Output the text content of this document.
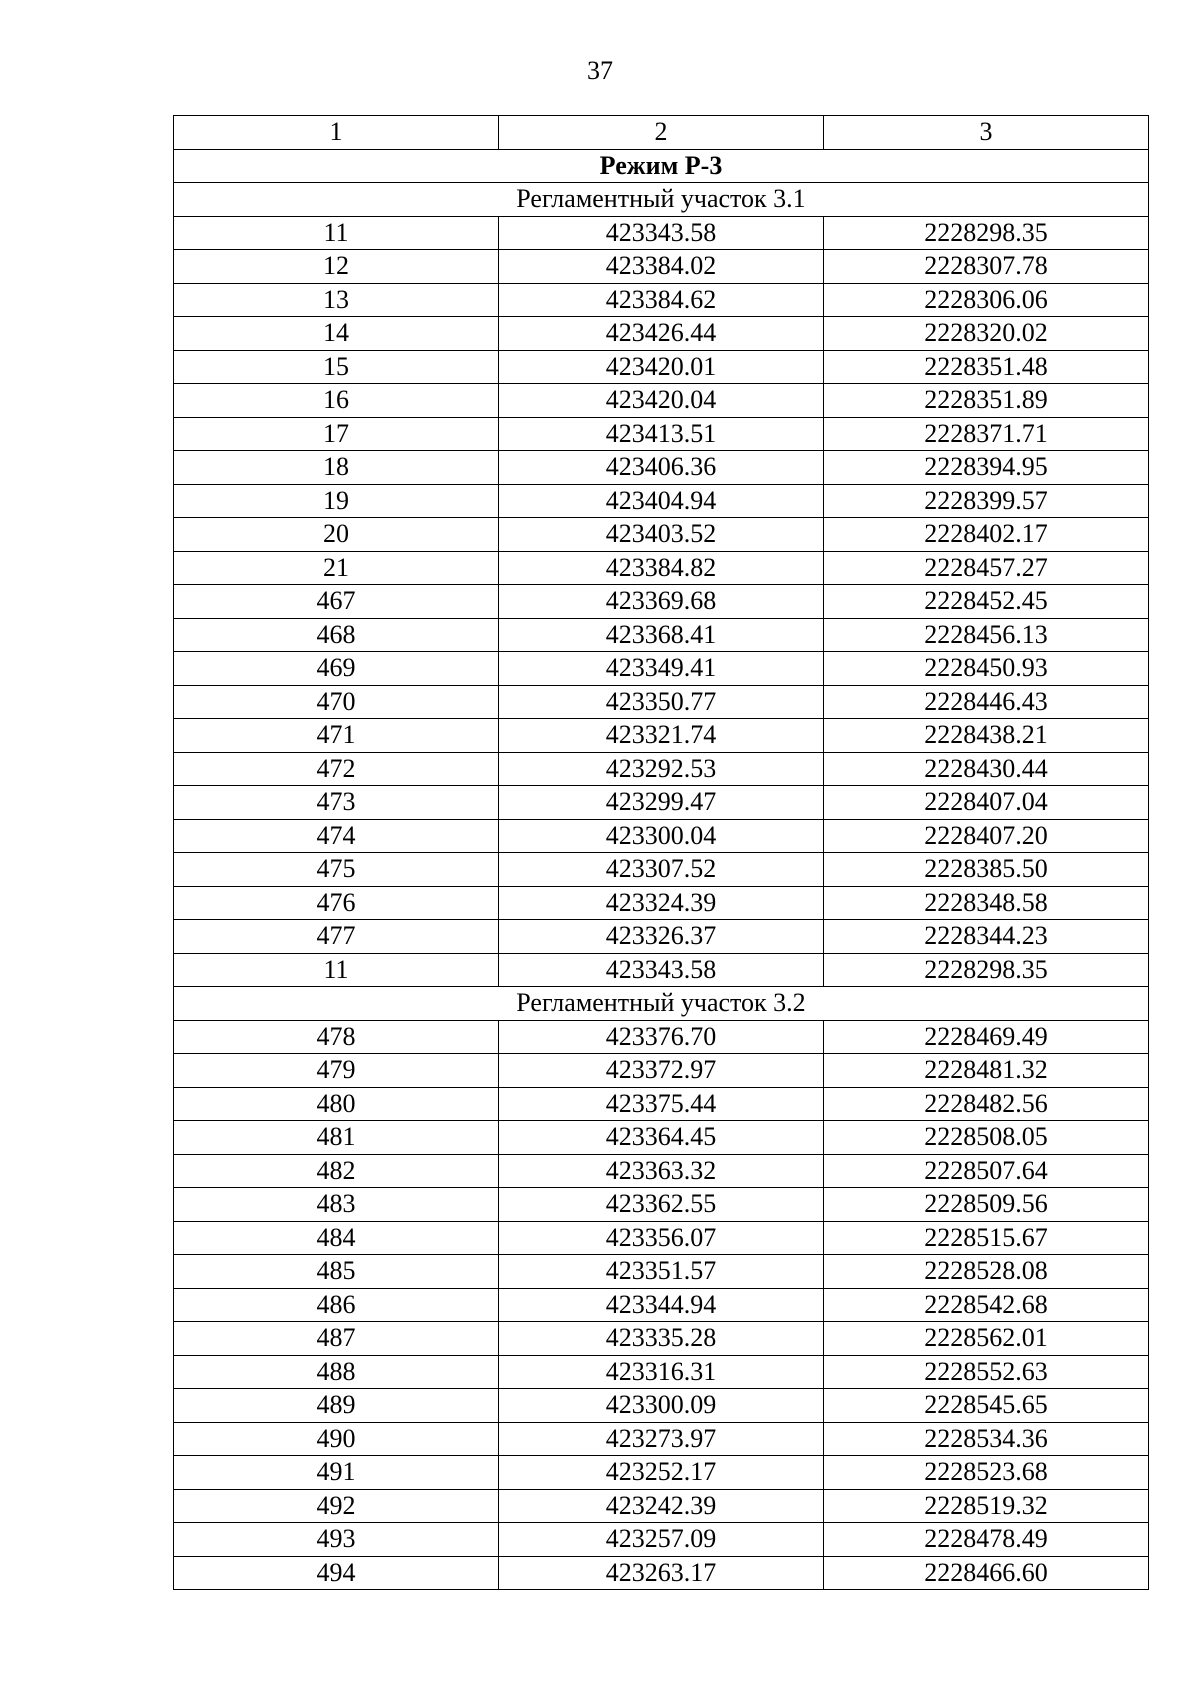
37
1	2	3
Режим Р-3		
Регламентный участок 3.1		
11	423343.58	2228298.35
12	423384.02	2228307.78
13	423384.62	2228306.06
14	423426.44	2228320.02
15	423420.01	2228351.48
16	423420.04	2228351.89
17	423413.51	2228371.71
18	423406.36	2228394.95
19	423404.94	2228399.57
20	423403.52	2228402.17
21	423384.82	2228457.27
467	423369.68	2228452.45
468	423368.41	2228456.13
469	423349.41	2228450.93
470	423350.77	2228446.43
471	423321.74	2228438.21
472	423292.53	2228430.44
473	423299.47	2228407.04
474	423300.04	2228407.20
475	423307.52	2228385.50
476	423324.39	2228348.58
477	423326.37	2228344.23
11	423343.58	2228298.35
Регламентный участок 3.2		
478	423376.70	2228469.49
479	423372.97	2228481.32
480	423375.44	2228482.56
481	423364.45	2228508.05
482	423363.32	2228507.64
483	423362.55	2228509.56
484	423356.07	2228515.67
485	423351.57	2228528.08
486	423344.94	2228542.68
487	423335.28	2228562.01
488	423316.31	2228552.63
489	423300.09	2228545.65
490	423273.97	2228534.36
491	423252.17	2228523.68
492	423242.39	2228519.32
493	423257.09	2228478.49
494	423263.17	2228466.60
